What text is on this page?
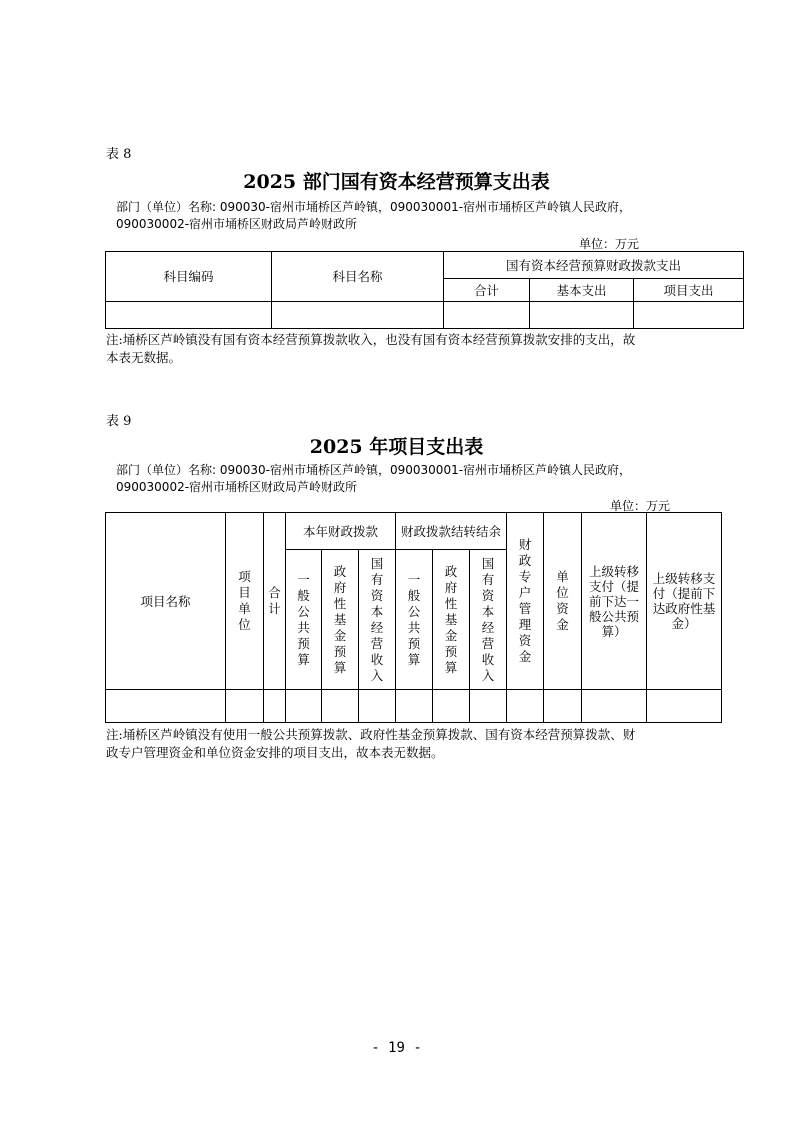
表 8
2025 部门国有资本经营预算支出表
部门（单位）名称: 090030-宿州市埇桥区芦岭镇，090030001-宿州市埇桥区芦岭镇人民政府，
090030002-宿州市埇桥区财政局芦岭财政所
单位：万元
科目编码	科目名称	国有资本经营预算财政拨款支出		
		合计	基本支出	项目支出

注:埇桥区芦岭镇没有国有资本经营预算拨款收入，也没有国有资本经营预算拨款安排的支出，故
本表无数据。
表 9
2025 年项目支出表
部门（单位）名称: 090030-宿州市埇桥区芦岭镇，090030001-宿州市埇桥区芦岭镇人民政府，
090030002-宿州市埇桥区财政局芦岭财政所
单位：万元
项目名称	项目单位	合计	本年财政拨款			财政拨款结转结余			财政专户管理资金	单位资金	上级转移支付（提前下达一般公共预算）	上级转移支付（提前下达政府性基金）
			一般公共预算	政府性基金预算	国有资本经营收入	一般公共预算	政府性基金预算	国有资本经营收入				

注:埇桥区芦岭镇没有使用一般公共预算拨款、政府性基金预算拨款、国有资本经营预算拨款、财
政专户管理资金和单位资金安排的项目支出，故本表无数据。
- 19 -
